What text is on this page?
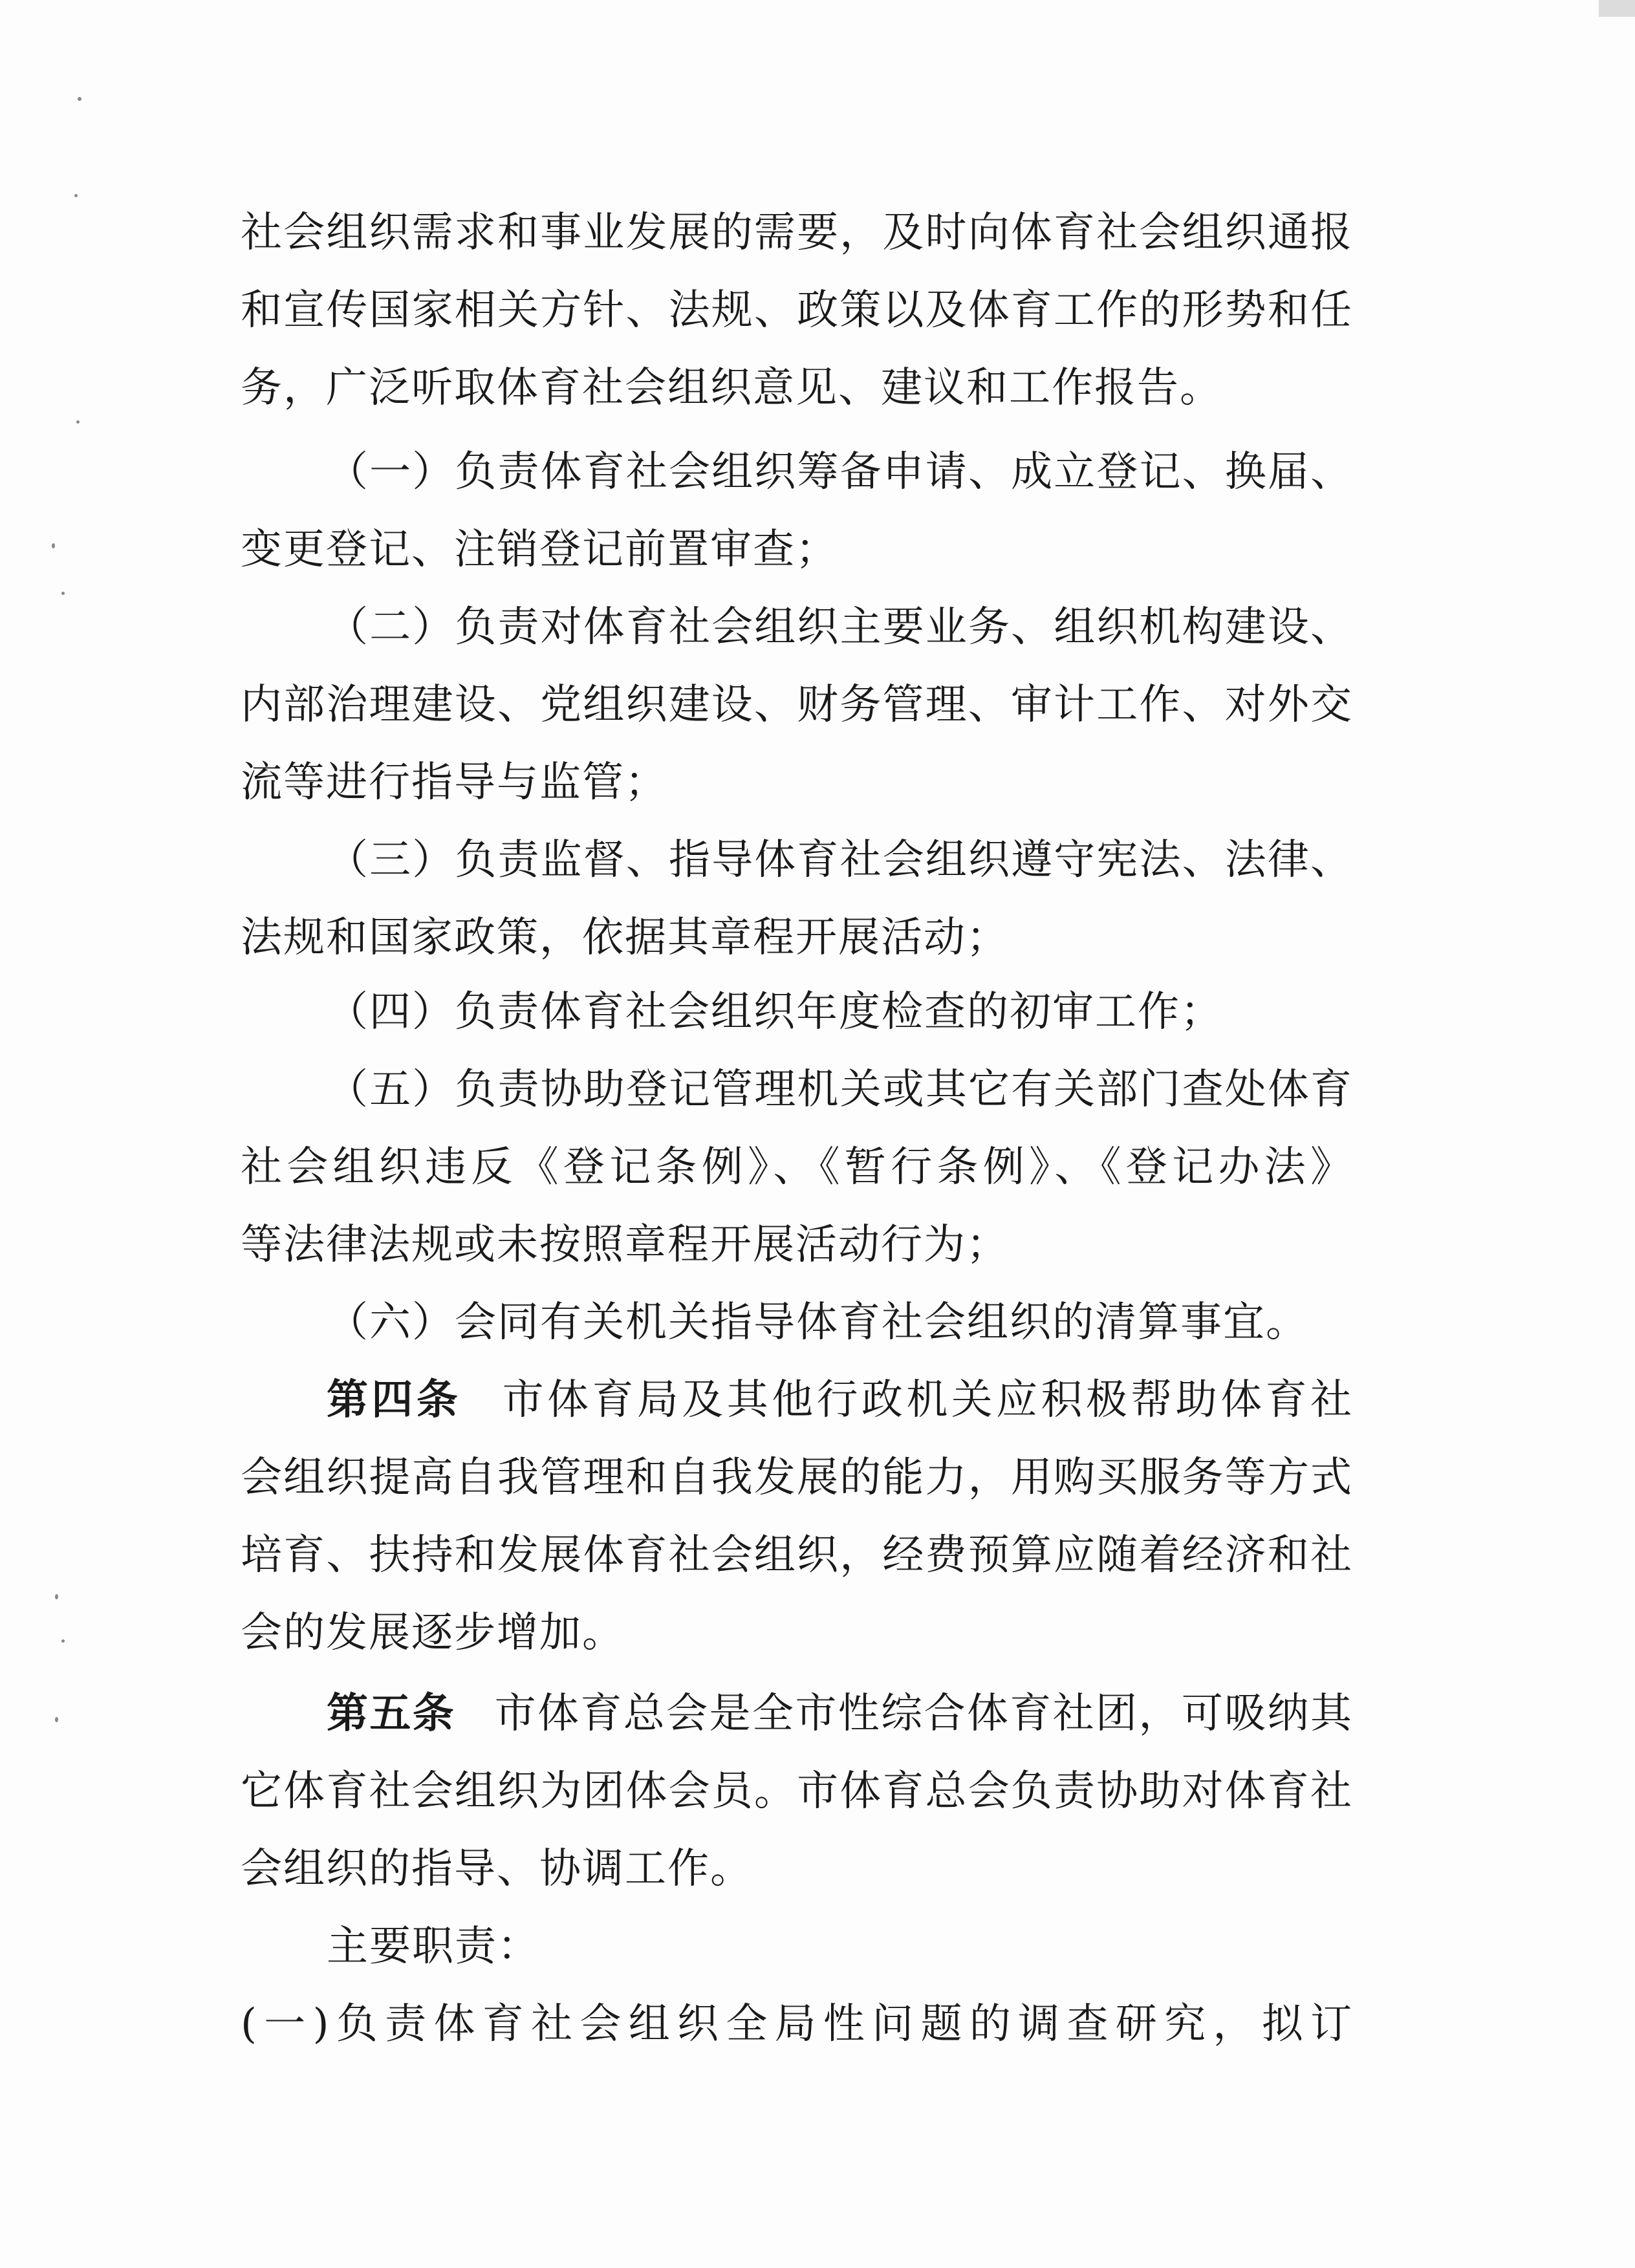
社会组织需求和事业发展的需要，及时向体育社会组织通报
和宣传国家相关方针、法规、政策以及体育工作的形势和任
务，广泛听取体育社会组织意见、建议和工作报告。
（一）负责体育社会组织筹备申请、成立登记、换届、
变更登记、注销登记前置审查；
（二）负责对体育社会组织主要业务、组织机构建设、
内部治理建设、党组织建设、财务管理、审计工作、对外交
流等进行指导与监管；
（三）负责监督、指导体育社会组织遵守宪法、法律、
法规和国家政策，依据其章程开展活动；
（四）负责体育社会组织年度检查的初审工作；
（五）负责协助登记管理机关或其它有关部门查处体育
社会组织违反《登记条例》、《暂行条例》、《登记办法》
等法律法规或未按照章程开展活动行为；
（六）会同有关机关指导体育社会组织的清算事宜。
第四条 市体育局及其他行政机关应积极帮助体育社
会组织提高自我管理和自我发展的能力，用购买服务等方式
培育、扶持和发展体育社会组织，经费预算应随着经济和社
会的发展逐步增加。
第五条 市体育总会是全市性综合体育社团，可吸纳其
它体育社会组织为团体会员。市体育总会负责协助对体育社
会组织的指导、协调工作。
主要职责：
(一)负责体育社会组织全局性问题的调查研究，拟订
